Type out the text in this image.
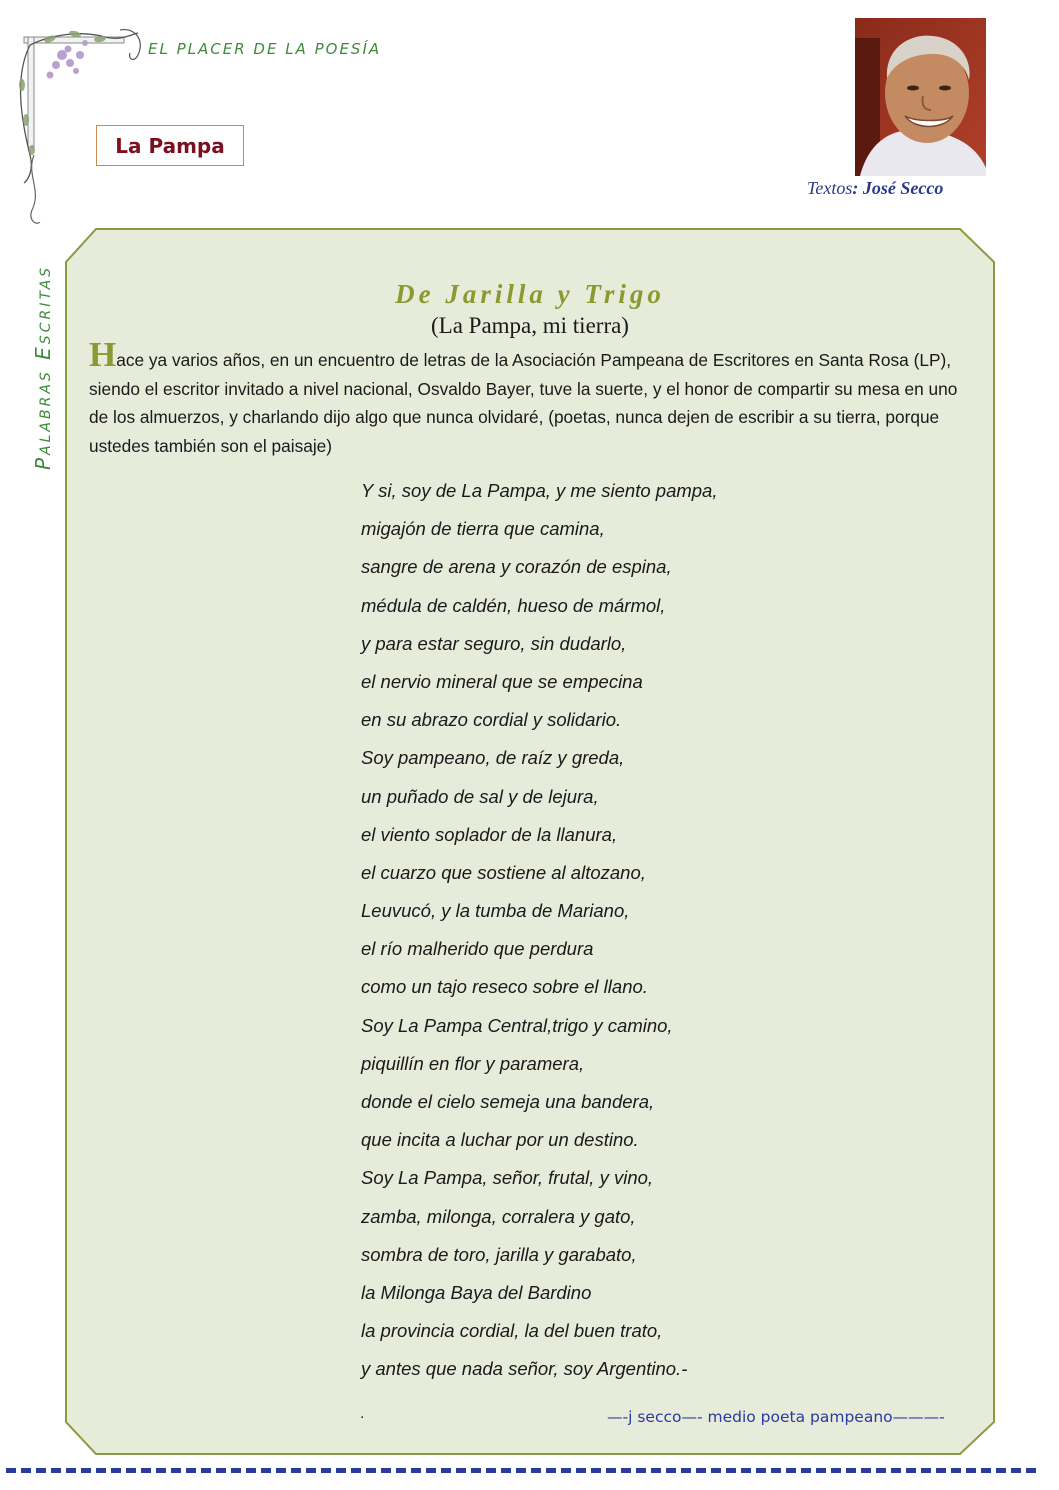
EL PLACER DE LA POESÍA
Palabras Escritas
La Pampa
Textos: José Secco
De Jarilla y Trigo
(La Pampa, mi tierra)

Hace ya varios años, en un encuentro de letras de la Asociación Pampeana de Escritores en Santa Rosa (LP), siendo el escritor invitado a nivel nacional, Osvaldo Bayer, tuve la suerte, y el honor de compartir su mesa en uno de los almuerzos, y charlando dijo algo que nunca olvidaré, (poetas, nunca dejen de escribir a su tierra, porque ustedes también son el paisaje)

Y si, soy de La Pampa, y me siento pampa,
migajón de tierra que camina,
sangre de arena y corazón de espina,
médula de caldén, hueso de mármol,
y para estar seguro, sin dudarlo,
el nervio mineral que se empecina
en su abrazo cordial y solidario.
Soy pampeano, de raíz y greda,
un puñado de sal y de lejura,
el viento soplador de la llanura,
el cuarzo que sostiene al altozano,
Leuvucó, y la tumba de Mariano,
el río malherido que perdura
como un tajo reseco sobre el llano.
Soy La Pampa Central,trigo y camino,
piquillín en flor y paramera,
donde el cielo semeja una bandera,
que incita a luchar por un destino.
Soy La Pampa, señor, frutal, y vino,
zamba, milonga, corralera y gato,
sombra de toro, jarilla y garabato,
la Milonga Baya del Bardino
la provincia cordial, la del buen trato,
y antes que nada señor, soy Argentino.-
.	—-j secco—- medio poeta pampeano———-
